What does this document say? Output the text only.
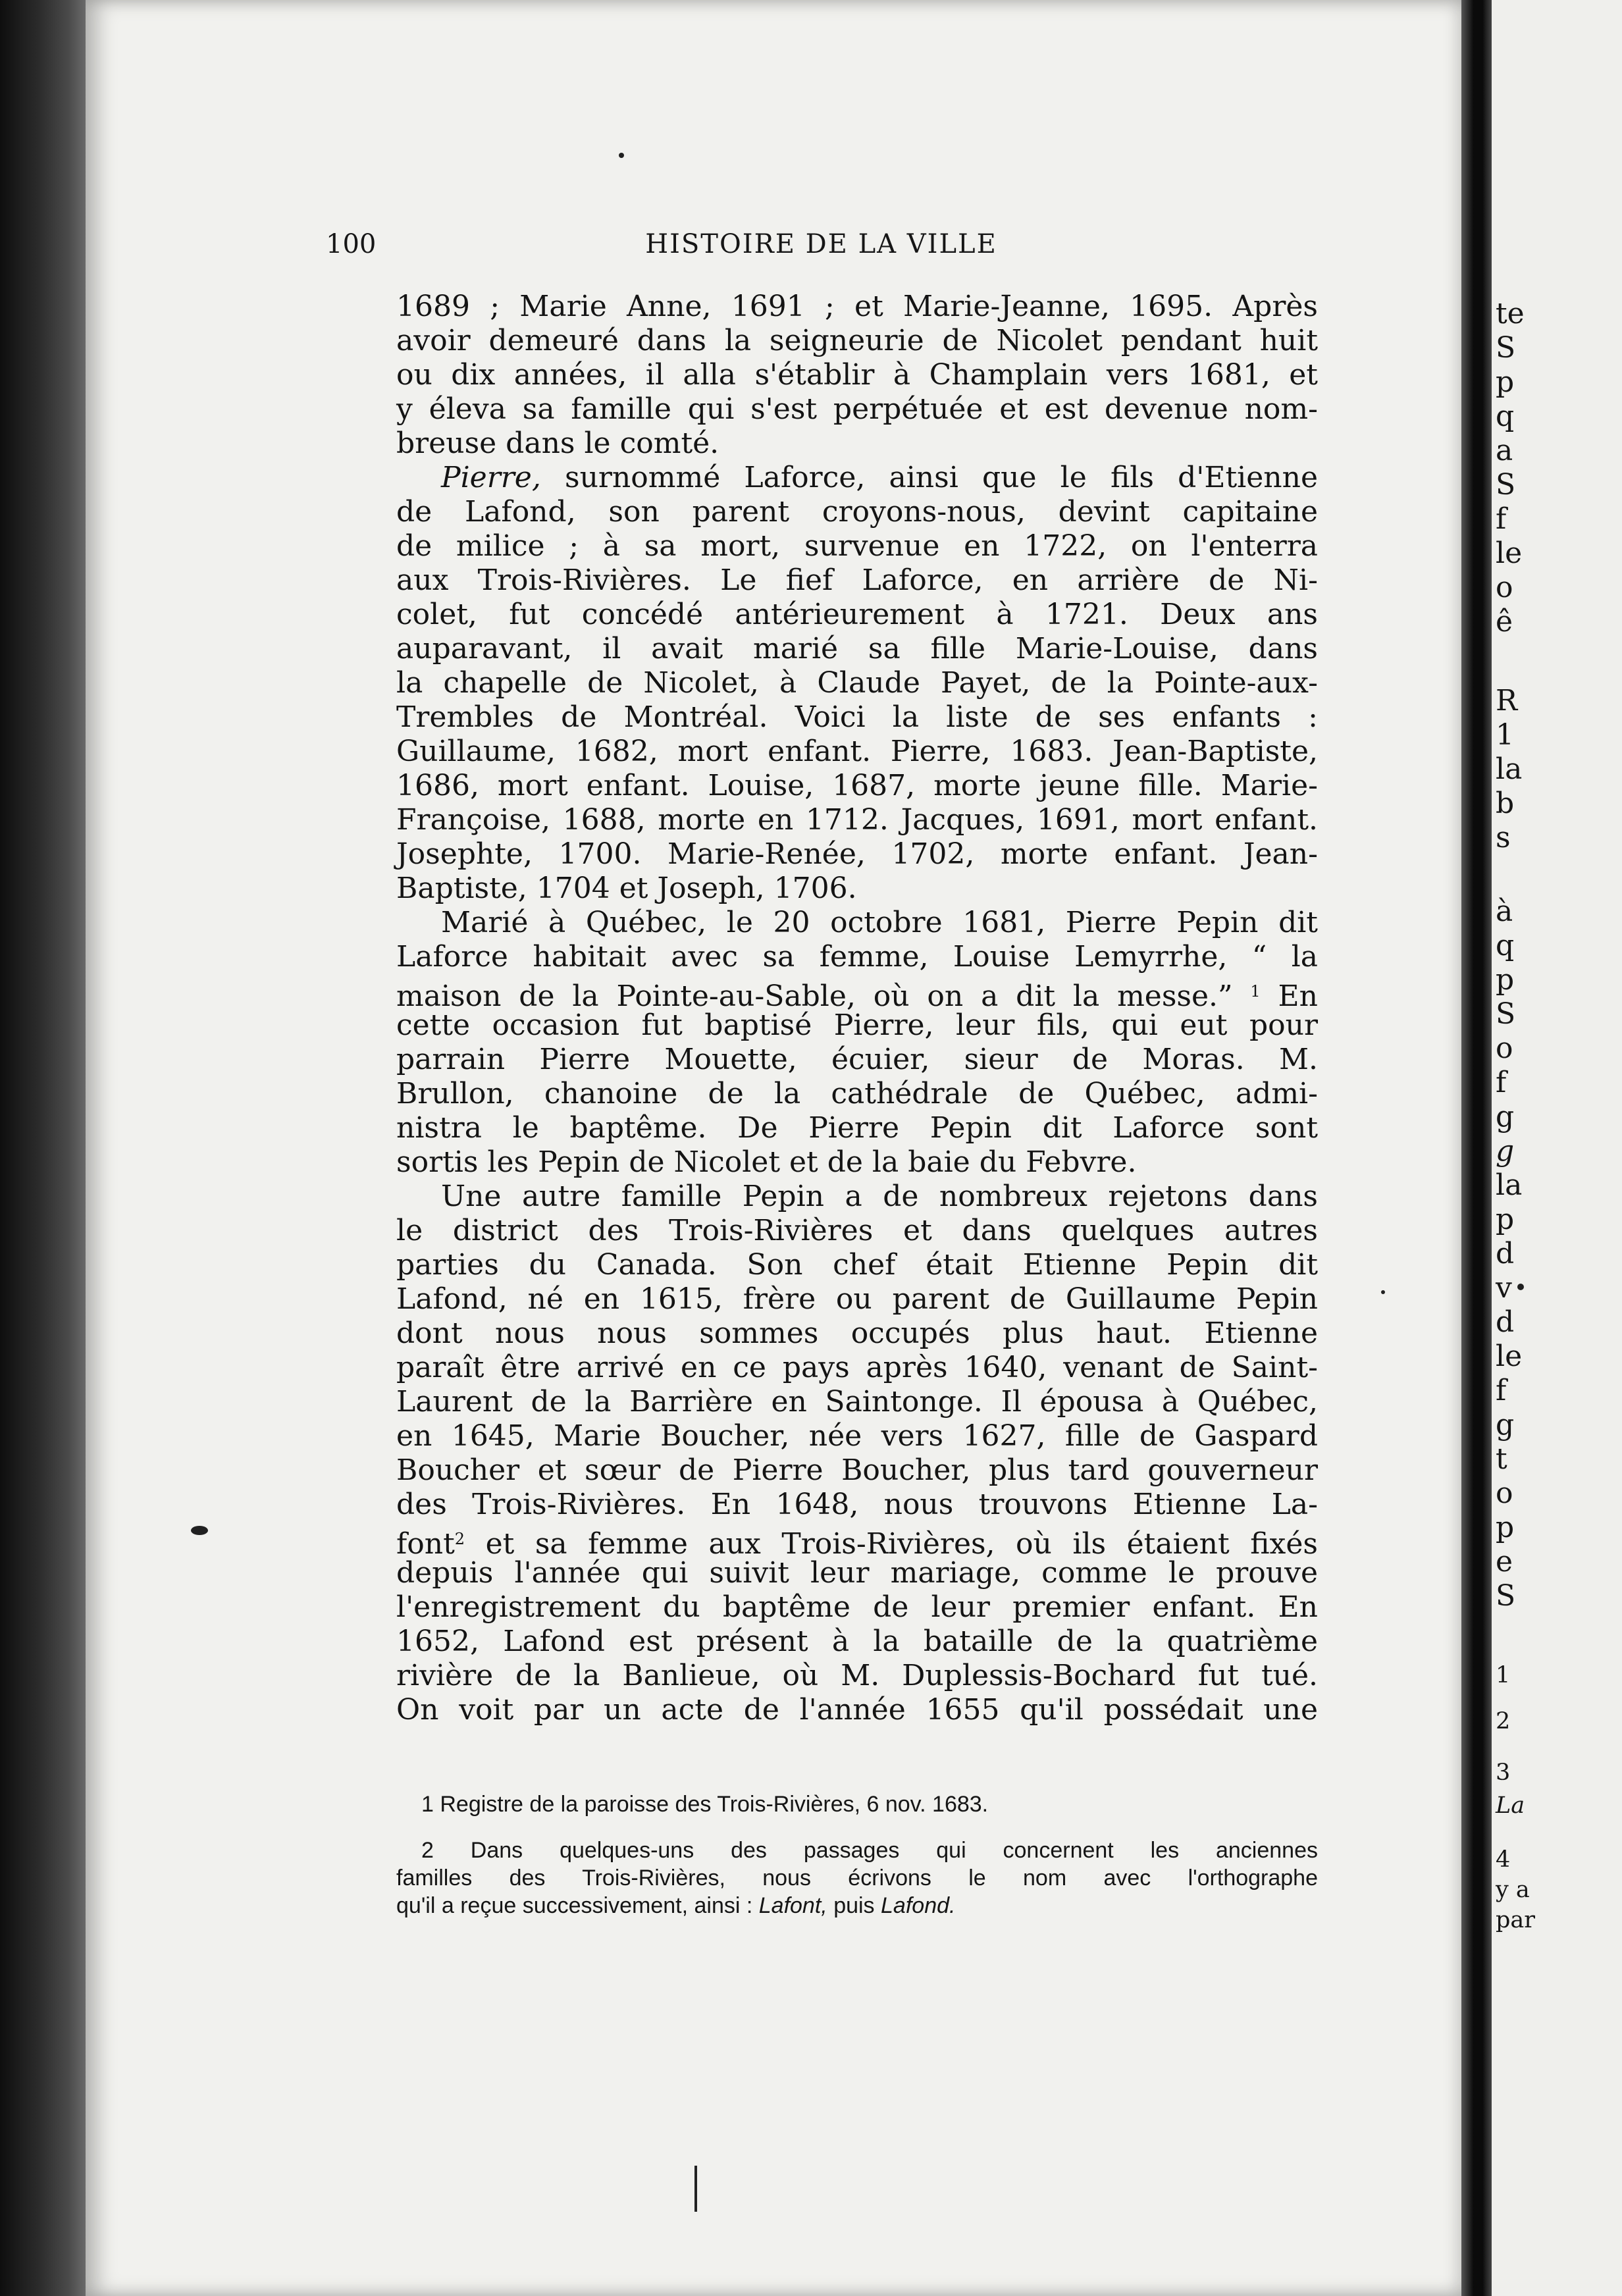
te
S
p
q
a
S
f
le
o
ê
R
1
la
b
s
à
q
p
S
o
f
g
g
la
p
d
v
d
le
f
g
t
o
p
e
S
1
2
3
La
4
y a
par
100	HISTOIRE DE LA VILLE
1689 ; Marie Anne, 1691 ; et Marie-Jeanne, 1695. Après
avoir demeuré dans la seigneurie de Nicolet pendant huit
ou dix années, il alla s'établir à Champlain vers 1681, et
y éleva sa famille qui s'est perpétuée et est devenue nom-
breuse dans le comté.
Pierre, surnommé Laforce, ainsi que le fils d'Etienne
de Lafond, son parent croyons-nous, devint capitaine
de milice ; à sa mort, survenue en 1722, on l'enterra
aux Trois-Rivières. Le fief Laforce, en arrière de Ni-
colet, fut concédé antérieurement à 1721. Deux ans
auparavant, il avait marié sa fille Marie-Louise, dans
la chapelle de Nicolet, à Claude Payet, de la Pointe-aux-
Trembles de Montréal. Voici la liste de ses enfants :
Guillaume, 1682, mort enfant. Pierre, 1683. Jean-Baptiste,
1686, mort enfant. Louise, 1687, morte jeune fille. Marie-
Françoise, 1688, morte en 1712. Jacques, 1691, mort enfant.
Josephte, 1700. Marie-Renée, 1702, morte enfant. Jean-
Baptiste, 1704 et Joseph, 1706.
Marié à Québec, le 20 octobre 1681, Pierre Pepin dit
Laforce habitait avec sa femme, Louise Lemyrrhe, “ la
maison de la Pointe-au-Sable, où on a dit la messe.” $^1$ En
cette occasion fut baptisé Pierre, leur fils, qui eut pour
parrain Pierre Mouette, écuier, sieur de Moras. M.
Brullon, chanoine de la cathédrale de Québec, admi-
nistra le baptême. De Pierre Pepin dit Laforce sont
sortis les Pepin de Nicolet et de la baie du Febvre.
Une autre famille Pepin a de nombreux rejetons dans
le district des Trois-Rivières et dans quelques autres
parties du Canada. Son chef était Etienne Pepin dit
Lafond, né en 1615, frère ou parent de Guillaume Pepin
dont nous nous sommes occupés plus haut. Etienne
paraît être arrivé en ce pays après 1640, venant de Saint-
Laurent de la Barrière en Saintonge. Il épousa à Québec,
en 1645, Marie Boucher, née vers 1627, fille de Gaspard
Boucher et sœur de Pierre Boucher, plus tard gouverneur
des Trois-Rivières. En 1648, nous trouvons Etienne La-
font$^2$ et sa femme aux Trois-Rivières, où ils étaient fixés
depuis l'année qui suivit leur mariage, comme le prouve
l'enregistrement du baptême de leur premier enfant. En
1652, Lafond est présent à la bataille de la quatrième
rivière de la Banlieue, où M. Duplessis-Bochard fut tué.
On voit par un acte de l'année 1655 qu'il possédait une
1 Registre de la paroisse des Trois-Rivières, 6 nov. 1683.
2 Dans quelques-uns des passages qui concernent les anciennes
familles des Trois-Rivières, nous écrivons le nom avec l'orthographe
qu'il a reçue successivement, ainsi : Lafont, puis Lafond.
